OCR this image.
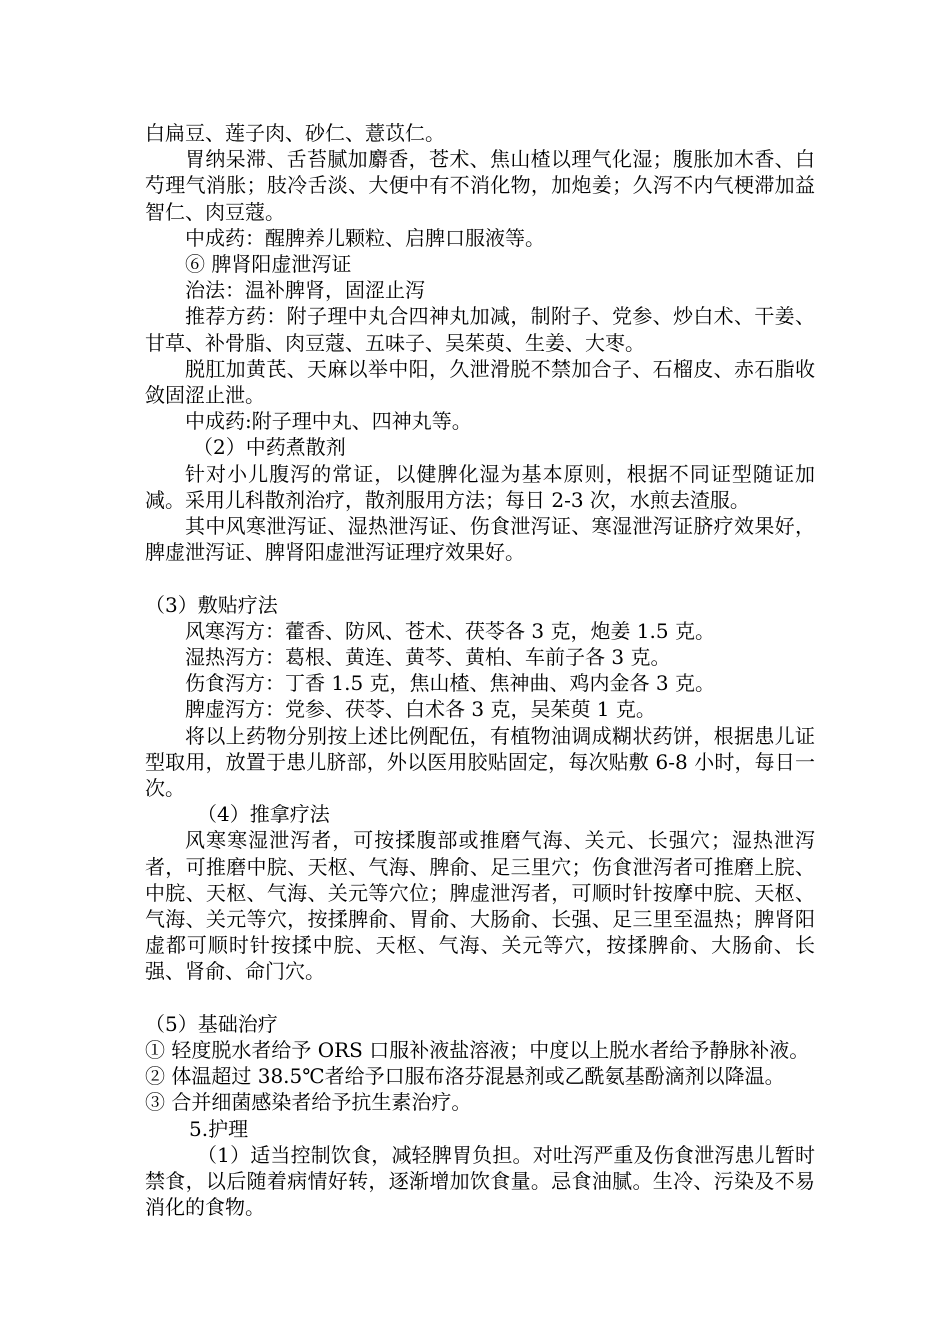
白扁豆、莲子肉、砂仁、薏苡仁。

胃纳呆滞、舌苔腻加麝香，苍术、焦山楂以理气化湿；腹胀加木香、白芍理气消胀；肢冷舌淡、大便中有不消化物，加炮姜；久泻不内气梗滞加益智仁、肉豆蔻。

中成药：醒脾养儿颗粒、启脾口服液等。

⑥ 脾肾阳虚泄泻证

治法：温补脾肾，固涩止泻

推荐方药：附子理中丸合四神丸加减，制附子、党参、炒白术、干姜、甘草、补骨脂、肉豆蔻、五味子、吴茱萸、生姜、大枣。

脱肛加黄芪、天麻以举中阳，久泄滑脱不禁加合子、石榴皮、赤石脂收敛固涩止泄。

中成药:附子理中丸、四神丸等。

（2）中药煮散剂

针对小儿腹泻的常证，以健脾化湿为基本原则，根据不同证型随证加减。采用儿科散剂治疗，散剂服用方法；每日 2-3 次，水煎去渣服。

其中风寒泄泻证、湿热泄泻证、伤食泄泻证、寒湿泄泻证脐疗效果好，脾虚泄泻证、脾肾阳虚泄泻证理疗效果好。

（3）敷贴疗法

风寒泻方：藿香、防风、苍术、茯苓各 3 克，炮姜 1.5 克。

湿热泻方：葛根、黄连、黄芩、黄柏、车前子各 3 克。

伤食泻方：丁香 1.5 克，焦山楂、焦神曲、鸡内金各 3 克。

脾虚泻方：党参、茯苓、白术各 3 克，吴茱萸 1 克。

将以上药物分别按上述比例配伍，有植物油调成糊状药饼，根据患儿证型取用，放置于患儿脐部，外以医用胶贴固定，每次贴敷 6-8 小时，每日一次。

（4）推拿疗法

风寒寒湿泄泻者，可按揉腹部或推磨气海、关元、长强穴；湿热泄泻者，可推磨中脘、天枢、气海、脾俞、足三里穴；伤食泄泻者可推磨上脘、中脘、天枢、气海、关元等穴位；脾虚泄泻者，可顺时针按摩中脘、天枢、气海、关元等穴，按揉脾俞、胃俞、大肠俞、长强、足三里至温热；脾肾阳虚都可顺时针按揉中脘、天枢、气海、关元等穴，按揉脾俞、大肠俞、长强、肾俞、命门穴。

（5）基础治疗

① 轻度脱水者给予 ORS 口服补液盐溶液；中度以上脱水者给予静脉补液。

② 体温超过 38.5℃者给予口服布洛芬混悬剂或乙酰氨基酚滴剂以降温。

③ 合并细菌感染者给予抗生素治疗。

5.护理

（1）适当控制饮食，减轻脾胃负担。对吐泻严重及伤食泄泻患儿暂时禁食，以后随着病情好转，逐渐增加饮食量。忌食油腻。生冷、污染及不易消化的食物。
